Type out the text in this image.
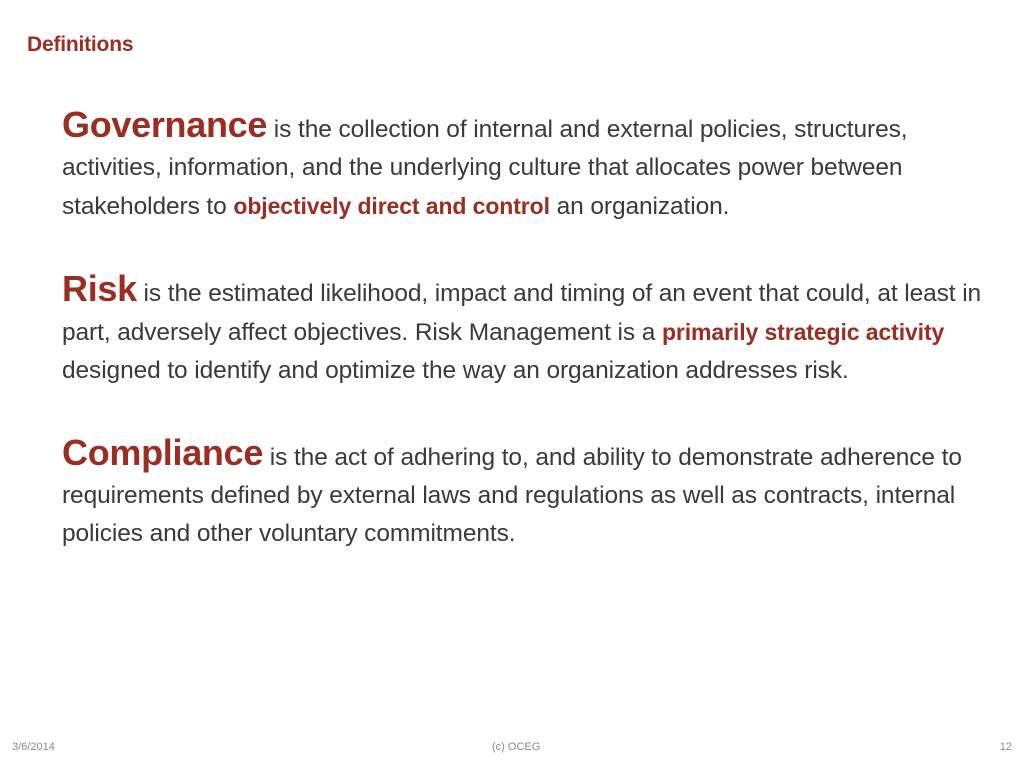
Definitions

Governance is the collection of internal and external policies, structures, activities, information, and the underlying culture that allocates power between stakeholders to objectively direct and control an organization.

Risk is the estimated likelihood, impact and timing of an event that could, at least in part, adversely affect objectives. Risk Management is a primarily strategic activity designed to identify and optimize the way an organization addresses risk.

Compliance is the act of adhering to, and ability to demonstrate adherence to requirements defined by external laws and regulations as well as contracts, internal policies and other voluntary commitments.

3/6/2014	(c) OCEG	12
